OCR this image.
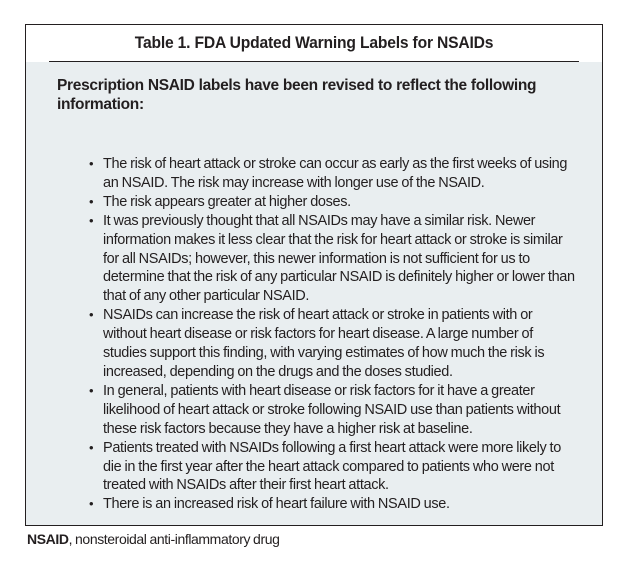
Table 1. FDA Updated Warning Labels for NSAIDs
Prescription NSAID labels have been revised to reflect the following information:
• The risk of heart attack or stroke can occur as early as the first weeks of using an NSAID. The risk may increase with longer use of the NSAID.
• The risk appears greater at higher doses.
• It was previously thought that all NSAIDs may have a similar risk. Newer information makes it less clear that the risk for heart attack or stroke is similar for all NSAIDs; however, this newer information is not sufficient for us to determine that the risk of any particular NSAID is definitely higher or lower than that of any other particular NSAID.
• NSAIDs can increase the risk of heart attack or stroke in patients with or without heart disease or risk factors for heart disease. A large number of studies support this finding, with varying estimates of how much the risk is increased, depending on the drugs and the doses studied.
• In general, patients with heart disease or risk factors for it have a greater likelihood of heart attack or stroke following NSAID use than patients without these risk factors because they have a higher risk at baseline.
• Patients treated with NSAIDs following a first heart attack were more likely to die in the first year after the heart attack compared to patients who were not treated with NSAIDs after their first heart attack.
• There is an increased risk of heart failure with NSAID use.
NSAID, nonsteroidal anti-inflammatory drug
